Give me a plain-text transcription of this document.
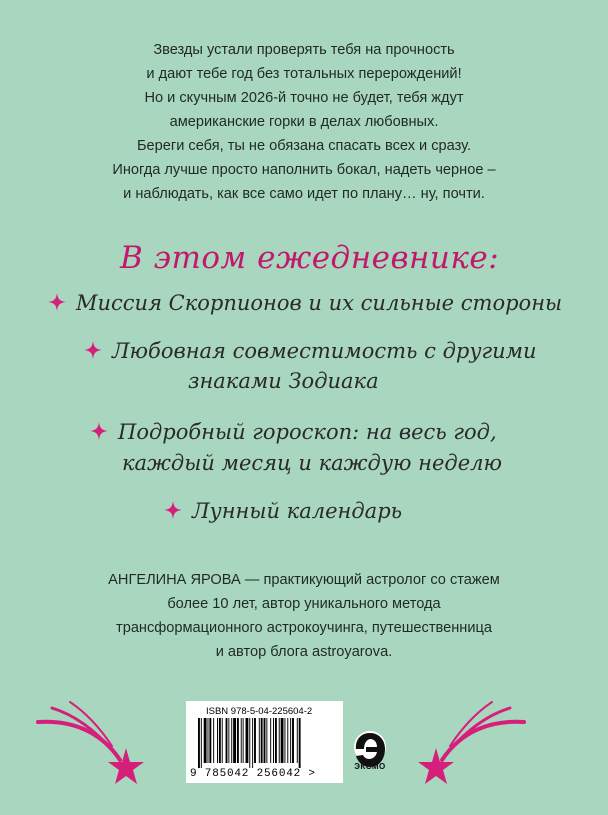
Звезды устали проверять тебя на прочность
и дают тебе год без тотальных перерождений!
Но и скучным 2026-й точно не будет, тебя ждут
американские горки в делах любовных.
Береги себя, ты не обязана спасать всех и сразу.
Иногда лучше просто наполнить бокал, надеть черное –
и наблюдать, как все само идет по плану… ну, почти.
В этом ежедневнике:
Миссия Скорпионов и их сильные стороны
Любовная совместимость с другими
знаками Зодиака
Подробный гороскоп: на весь год,
каждый месяц и каждую неделю
Лунный календарь
АНГЕЛИНА ЯРОВА — практикующий астролог со стажем
более 10 лет, автор уникального метода
трансформационного астрокоучинга, путешественница
и автор блога astroyarova.
ISBN 978-5-04-225604-2
9 785042 256042 >
ЭКСМО
